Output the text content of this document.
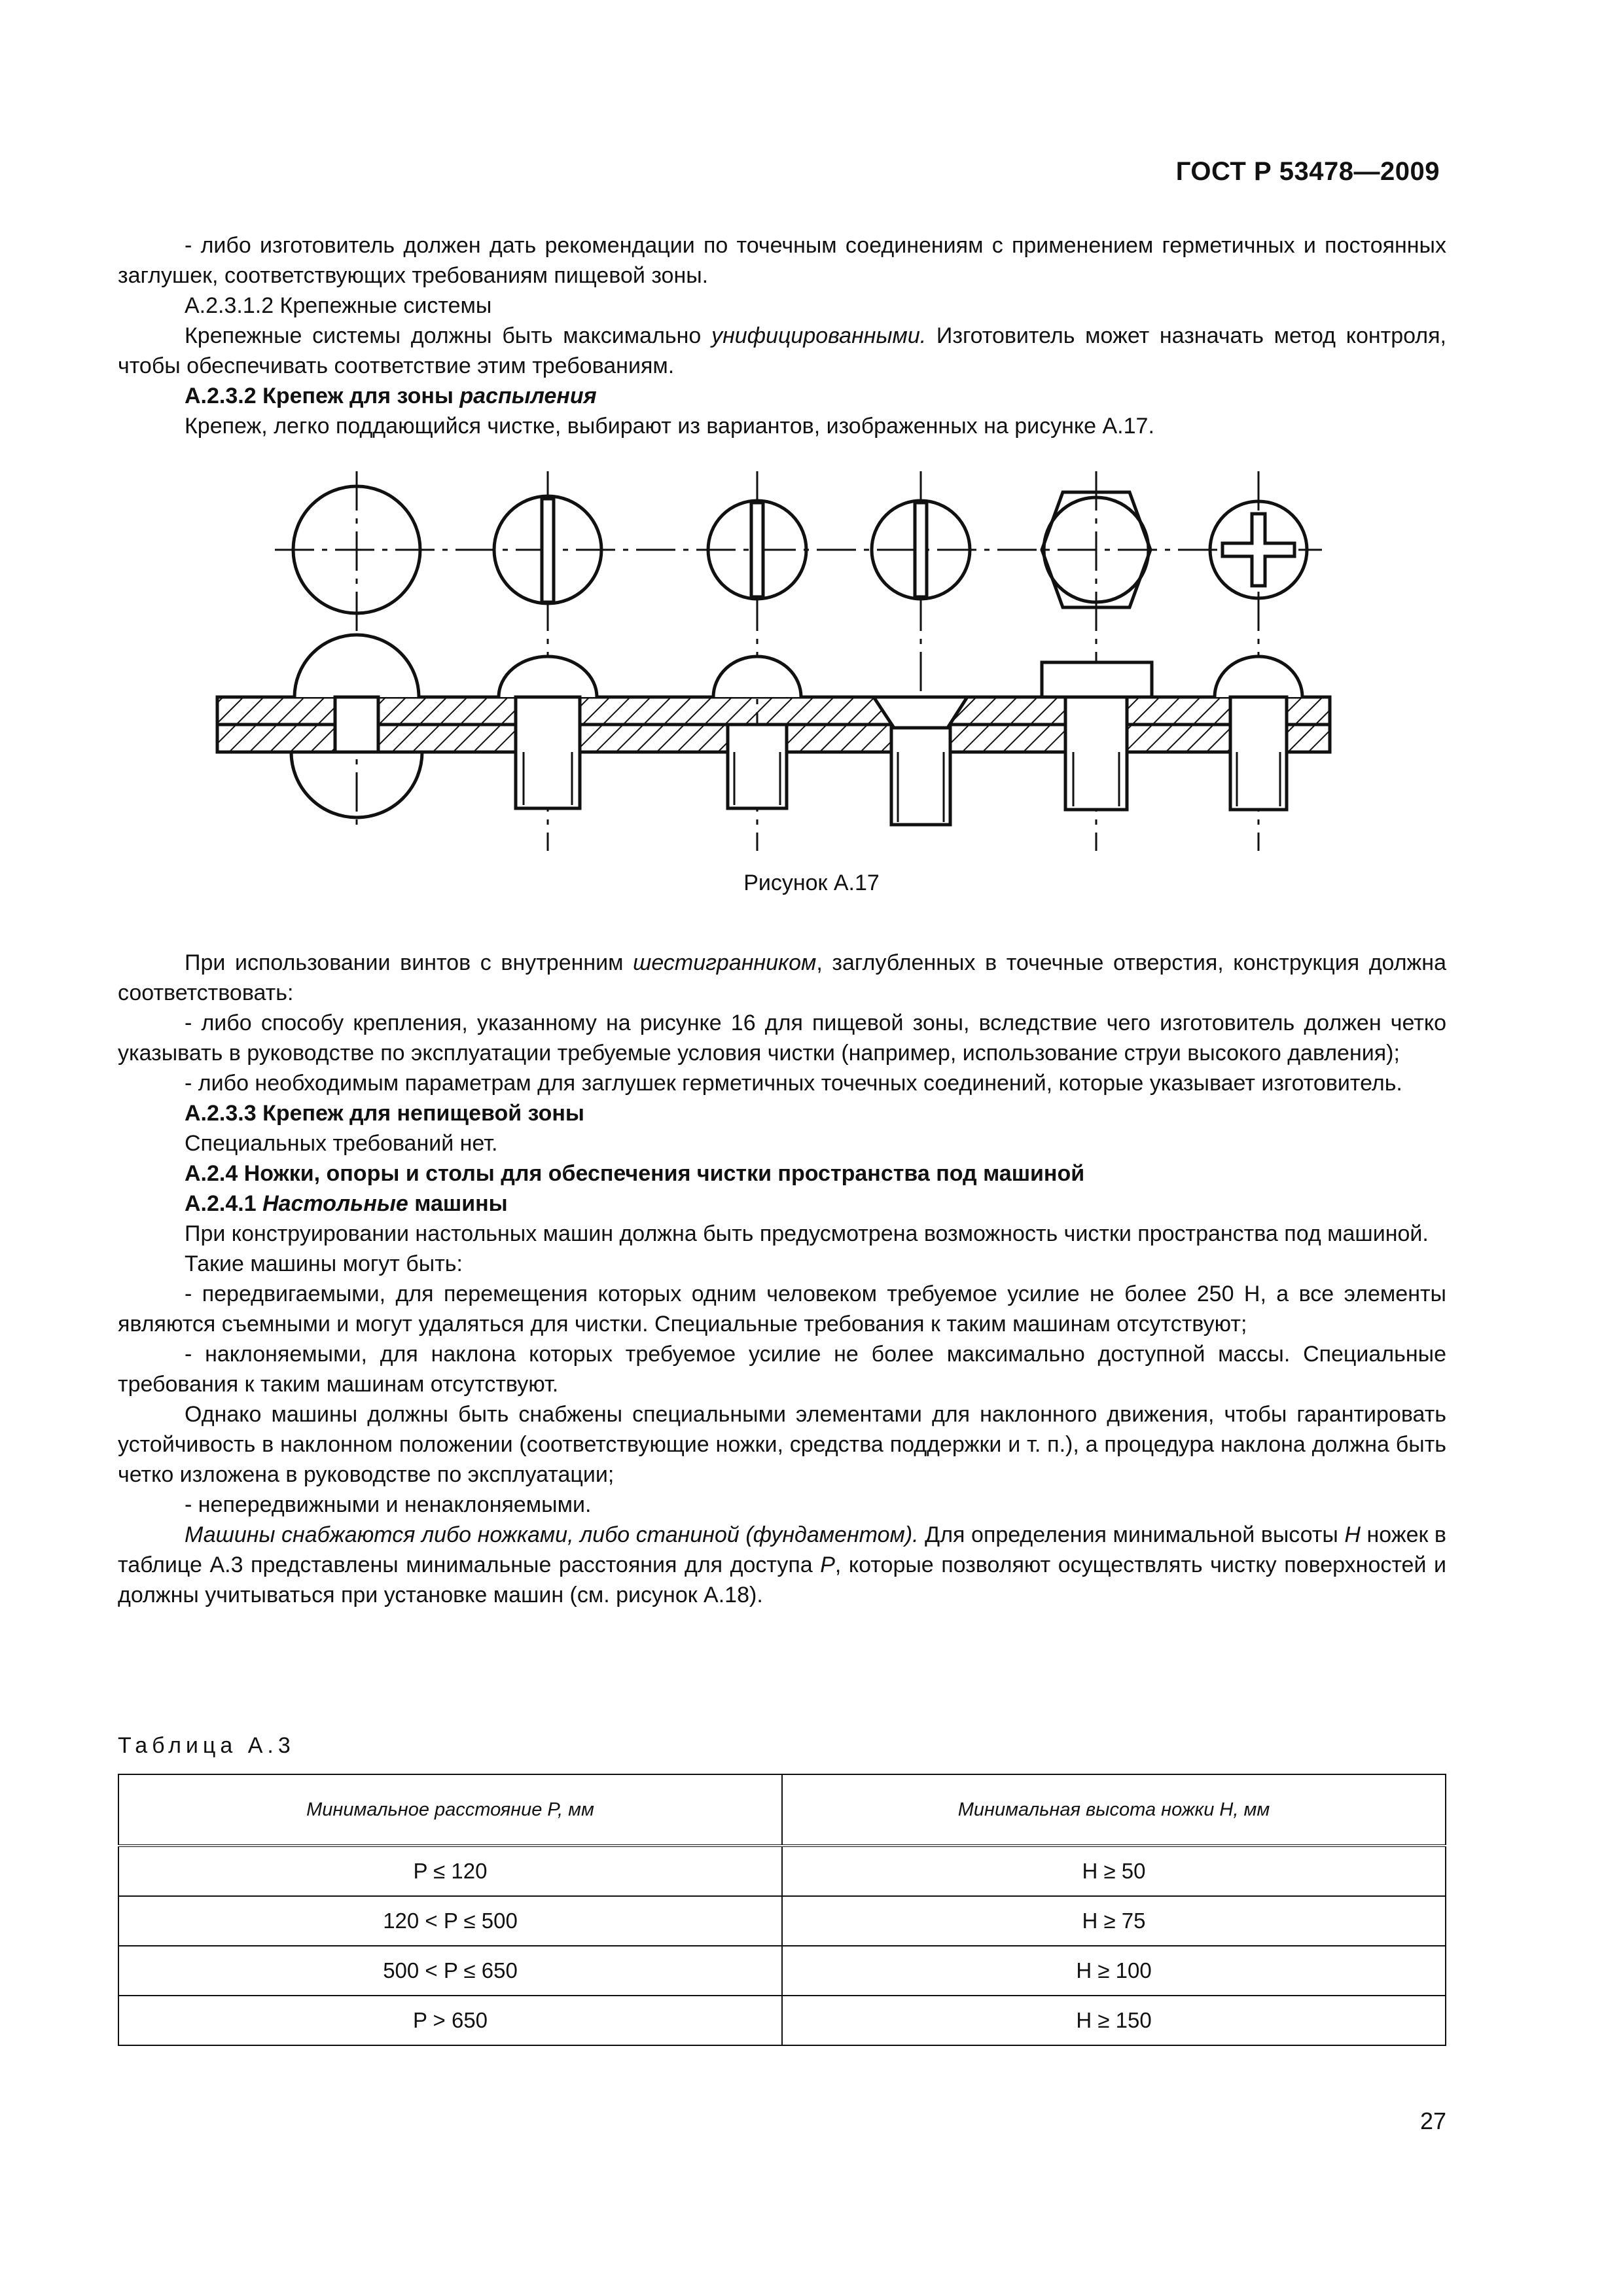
ГОСТ Р 53478—2009

- либо изготовитель должен дать рекомендации по точечным соединениям с применением герметичных и постоянных заглушек, соответствующих требованиям пищевой зоны.

А.2.3.1.2 Крепежные системы

Крепежные системы должны быть максимально унифицированными. Изготовитель может назначать метод контроля, чтобы обеспечивать соответствие этим требованиям.

А.2.3.2 Крепеж для зоны распыления

Крепеж, легко поддающийся чистке, выбирают из вариантов, изображенных на рисунке А.17.

Рисунок А.17

При использовании винтов с внутренним шестигранником, заглубленных в точечные отверстия, конструкция должна соответствовать:

- либо способу крепления, указанному на рисунке 16 для пищевой зоны, вследствие чего изготовитель должен четко указывать в руководстве по эксплуатации требуемые условия чистки (например, использование струи высокого давления);

- либо необходимым параметрам для заглушек герметичных точечных соединений, которые указывает изготовитель.

А.2.3.3 Крепеж для непищевой зоны

Специальных требований нет.

А.2.4 Ножки, опоры и столы для обеспечения чистки пространства под машиной

А.2.4.1 Настольные машины

При конструировании настольных машин должна быть предусмотрена возможность чистки пространства под машиной.

Такие машины могут быть:

- передвигаемыми, для перемещения которых одним человеком требуемое усилие не более 250 Н, а все элементы являются съемными и могут удаляться для чистки. Специальные требования к таким машинам отсутствуют;

- наклоняемыми, для наклона которых требуемое усилие не более максимально доступной массы. Специальные требования к таким машинам отсутствуют.

Однако машины должны быть снабжены специальными элементами для наклонного движения, чтобы гарантировать устойчивость в наклонном положении (соответствующие ножки, средства поддержки и т. п.), а процедура наклона должна быть четко изложена в руководстве по эксплуатации;

- непередвижными и ненаклоняемыми.

Машины снабжаются либо ножками, либо станиной (фундаментом). Для определения минимальной высоты H ножек в таблице А.3 представлены минимальные расстояния для доступа P, которые позволяют осуществлять чистку поверхностей и должны учитываться при установке машин (см. рисунок А.18).

Таблица А.3
Минимальное расстояние P, мм	Минимальная высота ножки H, мм
P ≤ 120	H ≥ 50
120 < P ≤ 500	H ≥ 75
500 < P ≤ 650	H ≥ 100
P > 650	H ≥ 150
27
